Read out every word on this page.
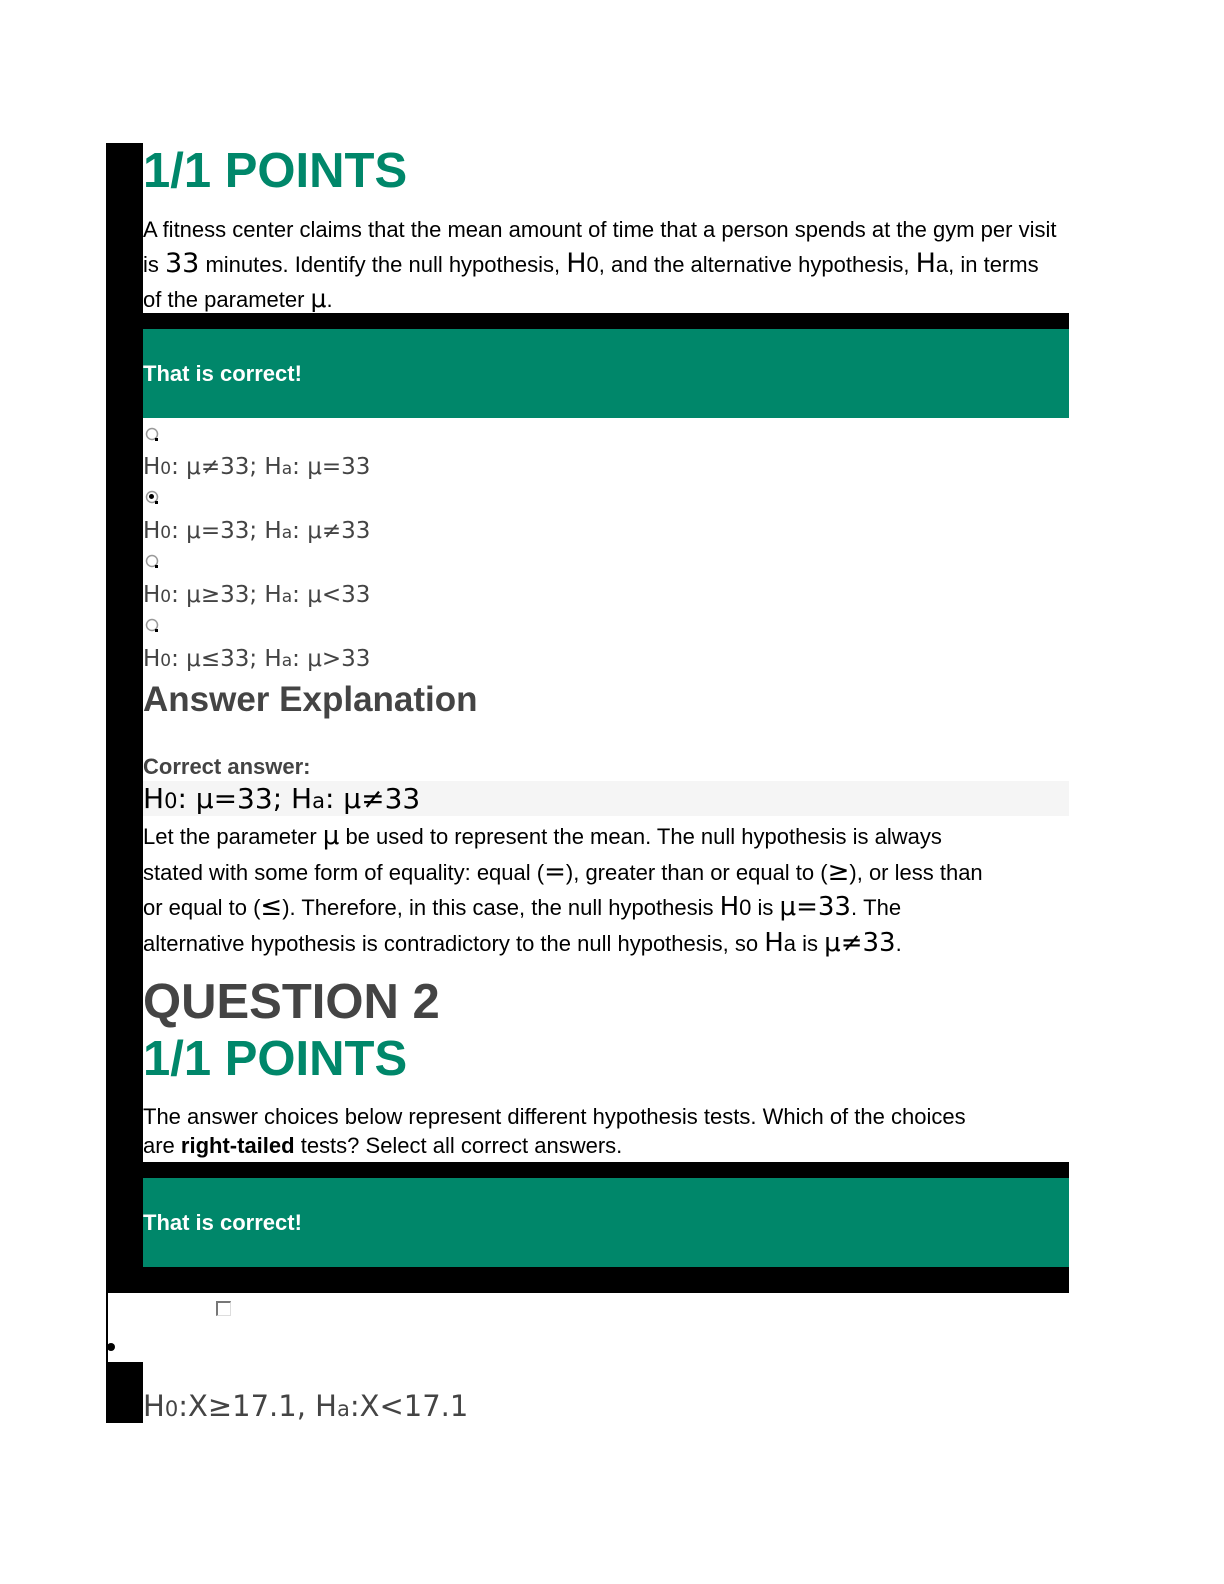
1/1 POINTS
A fitness center claims that the mean amount of time that a person spends at the gym per visit is 33 minutes. Identify the null hypothesis, H0, and the alternative hypothesis, Ha, in terms of the parameter μ.
That is correct!
H0: μ≠33; Ha: μ=33
H0: μ=33; Ha: μ≠33
H0: μ≥33; Ha: μ<33
H0: μ≤33; Ha: μ>33
Answer Explanation
Correct answer:
H0: μ=33; Ha: μ≠33
Let the parameter μ be used to represent the mean. The null hypothesis is always
stated with some form of equality: equal (=), greater than or equal to (≥), or less than
or equal to (≤). Therefore, in this case, the null hypothesis H0 is μ=33. The
alternative hypothesis is contradictory to the null hypothesis, so Ha is μ≠33.
QUESTION 2
1/1 POINTS
The answer choices below represent different hypothesis tests. Which of the choices
are right-tailed tests? Select all correct answers.
That is correct!
H0:X≥17.1, Ha:X<17.1
